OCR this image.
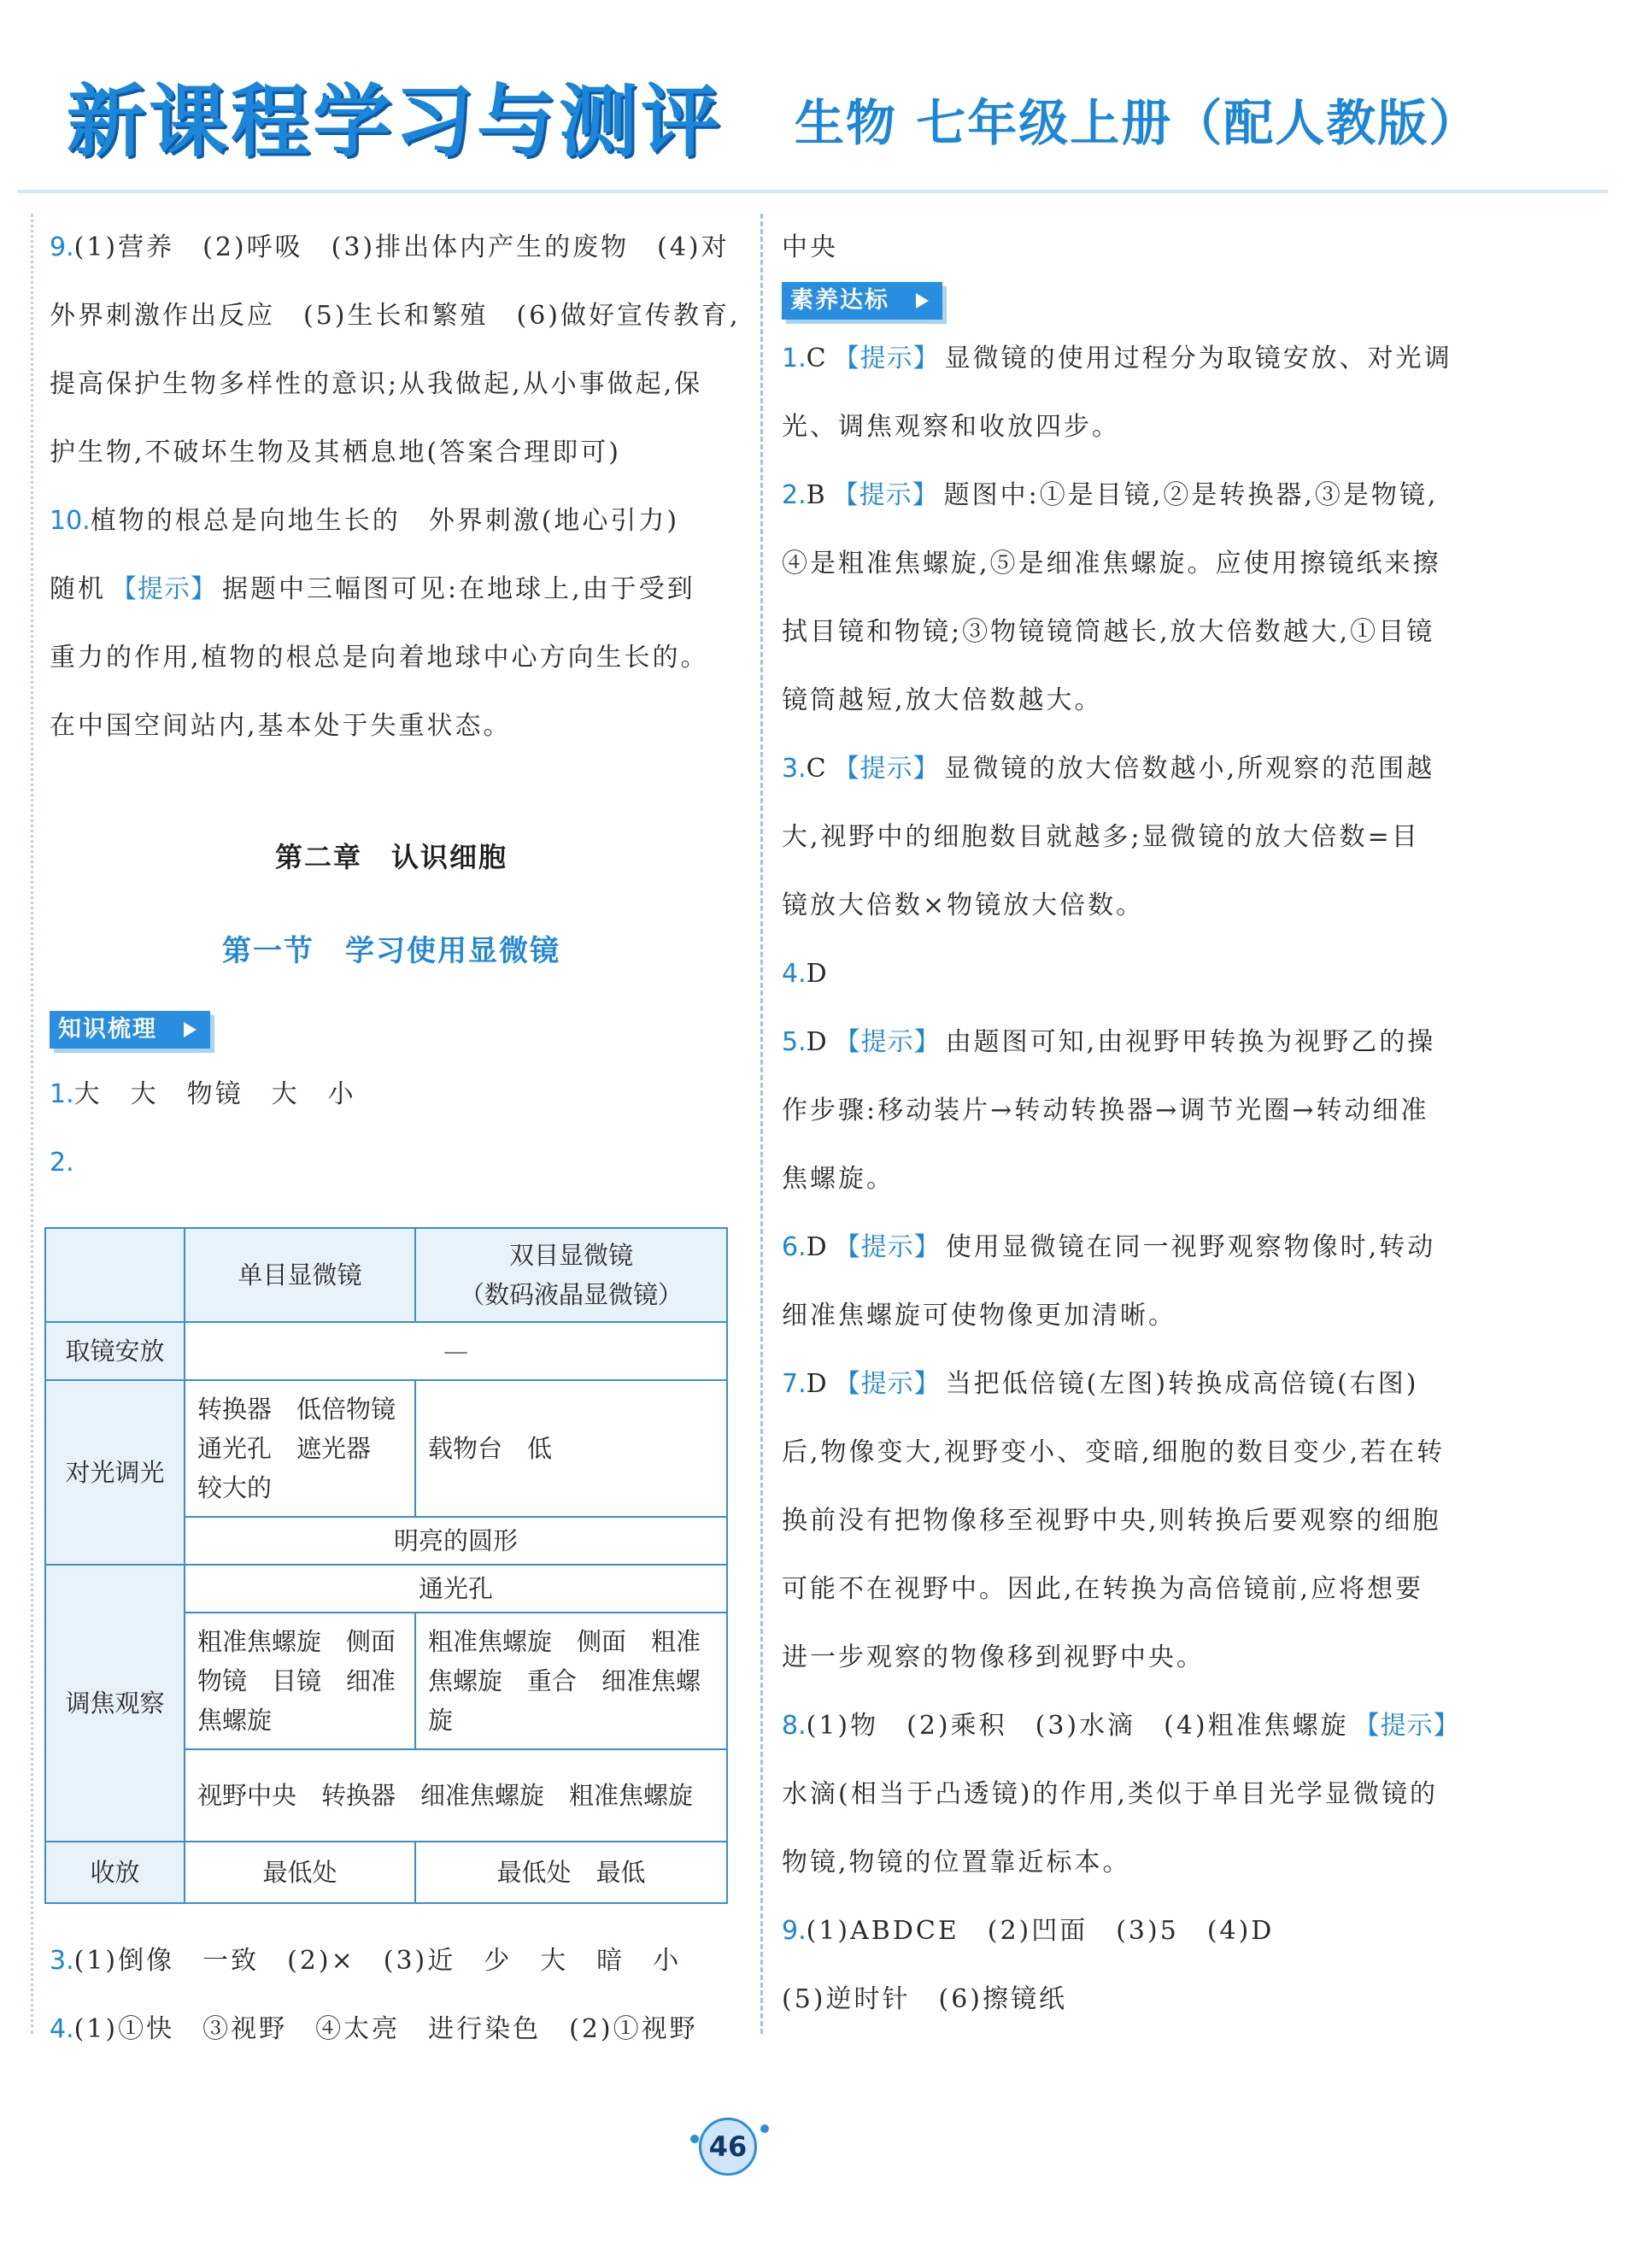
新课程学习与测评 生物 七年级上册（配人教版）
9.(1)营养　(2)呼吸　(3)排出体内产生的废物　(4)对
外界刺激作出反应　(5)生长和繁殖　(6)做好宣传教育,
提高保护生物多样性的意识;从我做起,从小事做起,保
护生物,不破坏生物及其栖息地(答案合理即可)
10.植物的根总是向地生长的　外界刺激(地心引力)
随机 【提示】 据题中三幅图可见:在地球上,由于受到
重力的作用,植物的根总是向着地球中心方向生长的。
在中国空间站内,基本处于失重状态。
第二章　认识细胞
第一节　学习使用显微镜
知识梳理
1.大　大　物镜　大　小
2.
	单目显微镜	双目显微镜
（数码液晶显微镜）

取镜安放	—	
对光调光	转换器　低倍物镜　通光孔　遮光器　较大的	载物台　低
	明亮的圆形	
调焦观察	通光孔	
	粗准焦螺旋　侧面　物镜　目镜　细准焦螺旋	粗准焦螺旋　侧面　粗准焦螺旋　重合　细准焦螺旋
	视野中央　转换器　细准焦螺旋　粗准焦螺旋	
收放	最低处	最低处　最低
3.(1)倒像　一致　(2)×　(3)近　少　大　暗　小
4.(1)①快　③视野　④太亮　进行染色　(2)①视野
中央
素养达标
1.C 【提示】 显微镜的使用过程分为取镜安放、对光调
光、调焦观察和收放四步。
2.B 【提示】 题图中:①是目镜,②是转换器,③是物镜,
④是粗准焦螺旋,⑤是细准焦螺旋。应使用擦镜纸来擦
拭目镜和物镜;③物镜镜筒越长,放大倍数越大,①目镜
镜筒越短,放大倍数越大。
3.C 【提示】 显微镜的放大倍数越小,所观察的范围越
大,视野中的细胞数目就越多;显微镜的放大倍数=目
镜放大倍数×物镜放大倍数。
4.D
5.D 【提示】 由题图可知,由视野甲转换为视野乙的操
作步骤:移动装片→转动转换器→调节光圈→转动细准
焦螺旋。
6.D 【提示】 使用显微镜在同一视野观察物像时,转动
细准焦螺旋可使物像更加清晰。
7.D 【提示】 当把低倍镜(左图)转换成高倍镜(右图)
后,物像变大,视野变小、变暗,细胞的数目变少,若在转
换前没有把物像移至视野中央,则转换后要观察的细胞
可能不在视野中。因此,在转换为高倍镜前,应将想要
进一步观察的物像移到视野中央。
8.(1)物　(2)乘积　(3)水滴　(4)粗准焦螺旋 【提示】
水滴(相当于凸透镜)的作用,类似于单目光学显微镜的
物镜,物镜的位置靠近标本。
9.(1)ABDCE　(2)凹面　(3)5　(4)D
(5)逆时针　(6)擦镜纸
46
